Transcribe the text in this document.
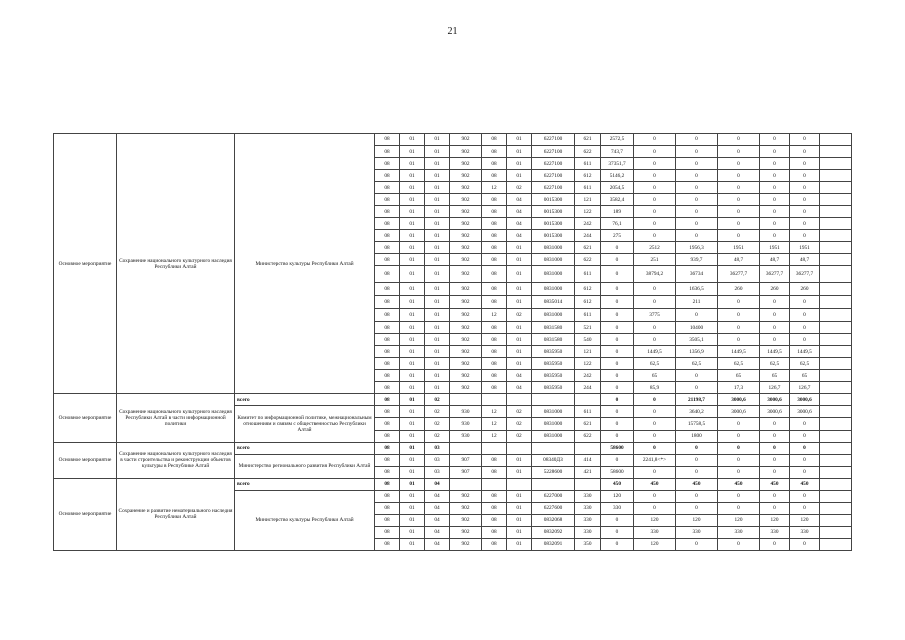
21
Основное мероприятие	Сохранение национального культурного наследия Республики Алтай	Министерство культуры Республики Алтай	08	01	01	902	08	01	6227100	621	2572,5	0	0	0	0	0	
			08	01	01	902	08	01	6227100	622	743,7	0	0	0	0	0	
			08	01	01	902	08	01	6227100	611	37351,7	0	0	0	0	0	
			08	01	01	902	08	01	6227100	612	5146,2	0	0	0	0	0	
			08	01	01	902	12	02	6227100	611	2054,5	0	0	0	0	0	
			08	01	01	902	08	04	0015300	121	3582,4	0	0	0	0	0	
			08	01	01	902	08	04	0015300	122	189	0	0	0	0	0	
			08	01	01	902	08	04	0015300	242	76,1	0	0	0	0	0	
			08	01	01	902	08	04	0015300	244	275	0	0	0	0	0	
			08	01	01	902	08	01	0831000	621	0	2512	1956,3	1951	1951	1951	
			08	01	01	902	08	01	0831000	622	0	251	939,7	48,7	48,7	48,7	
			08	01	01	902	08	01	0831000	611	0	38794,2	36734	36277,7	36277,7	36277,7	
			08	01	01	902	08	01	0831000	612	0	0	1636,5	260	260	260	
			08	01	01	902	08	01	0835014	612	0	0	211	0	0	0	
			08	01	01	902	12	02	0831000	611	0	3775	0	0	0	0	
			08	01	01	902	08	01	0831580	521	0	0	10400	0	0	0	
			08	01	01	902	08	01	0831580	540	0	0	3505,1	0	0	0	
			08	01	01	902	08	01	0835950	121	0	1449,5	1356,9	1449,5	1449,5	1449,5	
			08	01	01	902	08	01	0835950	122	0	62,5	62,5	62,5	62,5	62,5	
			08	01	01	902	08	04	0835950	242	0	65	0	65	65	65	
			08	01	01	902	08	04	0835950	244	0	85,9	0	17,3	126,7	126,7	
Основное мероприятие	Сохранение национального культурного наследия Республики Алтай в части информационной политики	всего	08	01	02						0	0	21198,7	3000,6	3000,6	3000,6	
		Комитет по информационной политике, межнациональным отношениям и связям с общественностью Республики Алтай	08	01	02	930	12	02	0831000	611	0	0	3640,2	3000,6	3000,6	3000,6	
			08	01	02	930	12	02	0831000	621	0	0	15758,5	0	0	0	
			08	01	02	930	12	02	0831000	622	0	0	1800	0	0	0	
Основное мероприятие	Сохранение национального культурного наследия в части строительства и реконструкции объектов культуры в Республике Алтай	всего	08	01	03						58600	0	0	0	0	0	
		Министерство регионального развития Республики Алтай	08	01	03	907	08	01	08340ДЗ	414	0	2241,8<*>	0	0	0	0	
			08	01	03	907	08	01	5228600	421	58600	0	0	0	0	0	
Основное мероприятие	Сохранение и развитие нематериального наследия Республики Алтай	всего	08	01	04						450	450	450	450	450	450	
		Министерство культуры Республики Алтай	08	01	04	902	08	01	6227000	330	120	0	0	0	0	0	
			08	01	04	902	08	01	6227600	330	330	0	0	0	0	0	
			08	01	04	902	08	01	0832068	330	0	120	120	120	120	120	
			08	01	04	902	08	01	0832092	330	0	330	330	330	330	330	
			08	01	04	902	08	01	0832091	350	0	120	0	0	0	0	
